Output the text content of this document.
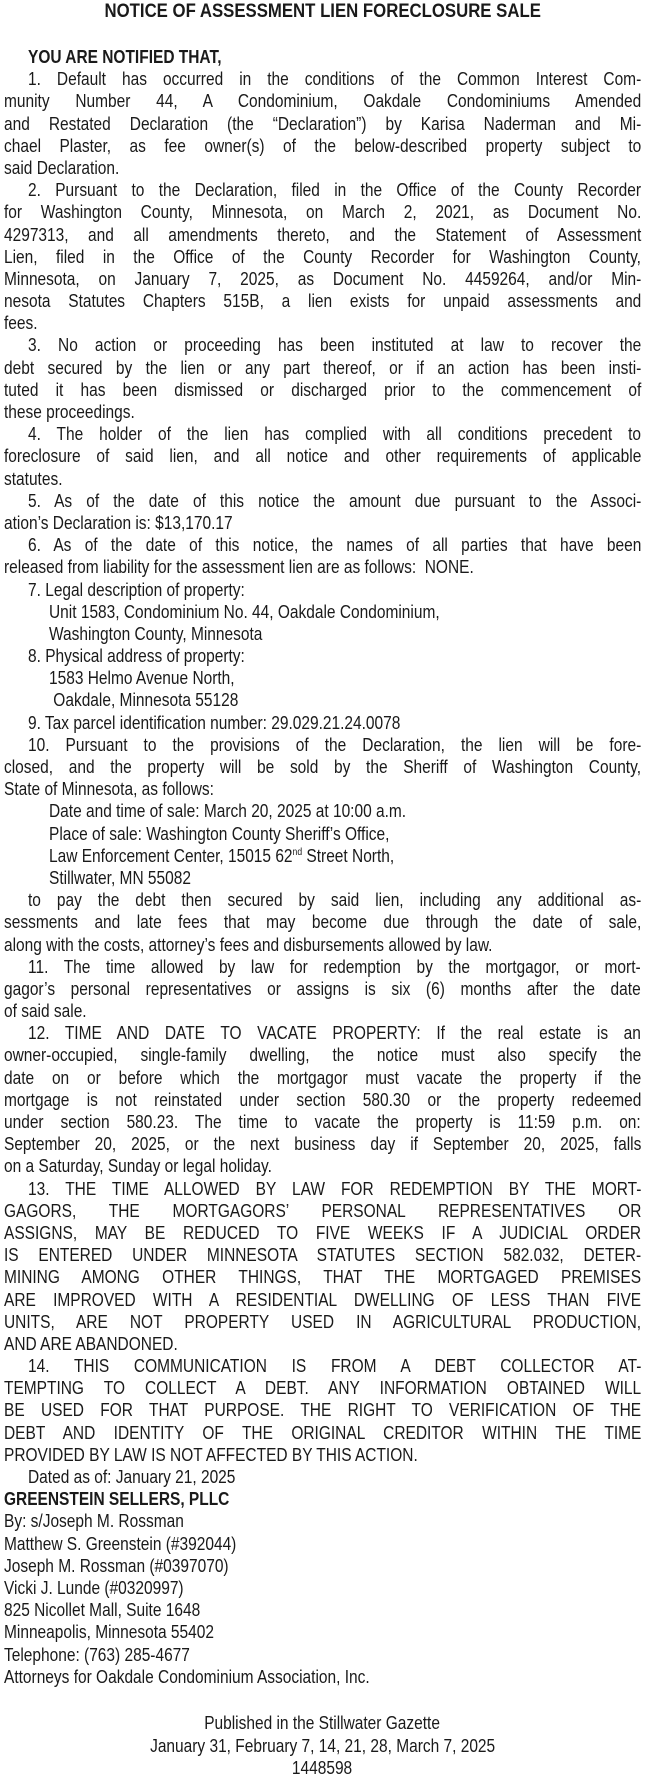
NOTICE OF ASSESSMENT LIEN FORECLOSURE SALE
YOU ARE NOTIFIED THAT,
1. Default has occurred in the conditions of the Common Interest Com-
munity Number 44, A Condominium, Oakdale Condominiums Amended
and Restated Declaration (the “Declaration”) by Karisa Naderman and Mi-
chael Plaster, as fee owner(s) of the below-described property subject to
said Declaration.
2. Pursuant to the Declaration, filed in the Office of the County Recorder
for Washington County, Minnesota, on March 2, 2021, as Document No.
4297313, and all amendments thereto, and the Statement of Assessment
Lien, filed in the Office of the County Recorder for Washington County,
Minnesota, on January 7, 2025, as Document No. 4459264, and/or Min-
nesota Statutes Chapters 515B, a lien exists for unpaid assessments and
fees.
3. No action or proceeding has been instituted at law to recover the
debt secured by the lien or any part thereof, or if an action has been insti-
tuted it has been dismissed or discharged prior to the commencement of
these proceedings.
4. The holder of the lien has complied with all conditions precedent to
foreclosure of said lien, and all notice and other requirements of applicable
statutes.
5. As of the date of this notice the amount due pursuant to the Associ-
ation’s Declaration is: $13,170.17
6. As of the date of this notice, the names of all parties that have been
released from liability for the assessment lien are as follows:  NONE.
7. Legal description of property:
Unit 1583, Condominium No. 44, Oakdale Condominium,
Washington County, Minnesota
8. Physical address of property:
1583 Helmo Avenue North,
Oakdale, Minnesota 55128
9. Tax parcel identification number: 29.029.21.24.0078
10. Pursuant to the provisions of the Declaration, the lien will be fore-
closed, and the property will be sold by the Sheriff of Washington County,
State of Minnesota, as follows:
Date and time of sale: March 20, 2025 at 10:00 a.m.
Place of sale: Washington County Sheriff’s Office,
Law Enforcement Center, 15015 62nd Street North,
Stillwater, MN 55082
to pay the debt then secured by said lien, including any additional as-
sessments and late fees that may become due through the date of sale,
along with the costs, attorney’s fees and disbursements allowed by law.
11. The time allowed by law for redemption by the mortgagor, or mort-
gagor’s personal representatives or assigns is six (6) months after the date
of said sale.
12. TIME AND DATE TO VACATE PROPERTY: If the real estate is an
owner-occupied, single-family dwelling, the notice must also specify the
date on or before which the mortgagor must vacate the property if the
mortgage is not reinstated under section 580.30 or the property redeemed
under section 580.23. The time to vacate the property is 11:59 p.m. on:
September 20, 2025, or the next business day if September 20, 2025, falls
on a Saturday, Sunday or legal holiday.
13. THE TIME ALLOWED BY LAW FOR REDEMPTION BY THE MORT-
GAGORS, THE MORTGAGORS’ PERSONAL REPRESENTATIVES OR
ASSIGNS, MAY BE REDUCED TO FIVE WEEKS IF A JUDICIAL ORDER
IS ENTERED UNDER MINNESOTA STATUTES SECTION 582.032, DETER-
MINING AMONG OTHER THINGS, THAT THE MORTGAGED PREMISES
ARE IMPROVED WITH A RESIDENTIAL DWELLING OF LESS THAN FIVE
UNITS, ARE NOT PROPERTY USED IN AGRICULTURAL PRODUCTION,
AND ARE ABANDONED.
14. THIS COMMUNICATION IS FROM A DEBT COLLECTOR AT-
TEMPTING TO COLLECT A DEBT. ANY INFORMATION OBTAINED WILL
BE USED FOR THAT PURPOSE. THE RIGHT TO VERIFICATION OF THE
DEBT AND IDENTITY OF THE ORIGINAL CREDITOR WITHIN THE TIME
PROVIDED BY LAW IS NOT AFFECTED BY THIS ACTION.
Dated as of: January 21, 2025
GREENSTEIN SELLERS, PLLC
By: s/Joseph M. Rossman
Matthew S. Greenstein (#392044)
Joseph M. Rossman (#0397070)
Vicki J. Lunde (#0320997)
825 Nicollet Mall, Suite 1648
Minneapolis, Minnesota 55402
Telephone: (763) 285-4677
Attorneys for Oakdale Condominium Association, Inc.
Published in the Stillwater Gazette
January 31, February 7, 14, 21, 28, March 7, 2025
1448598
